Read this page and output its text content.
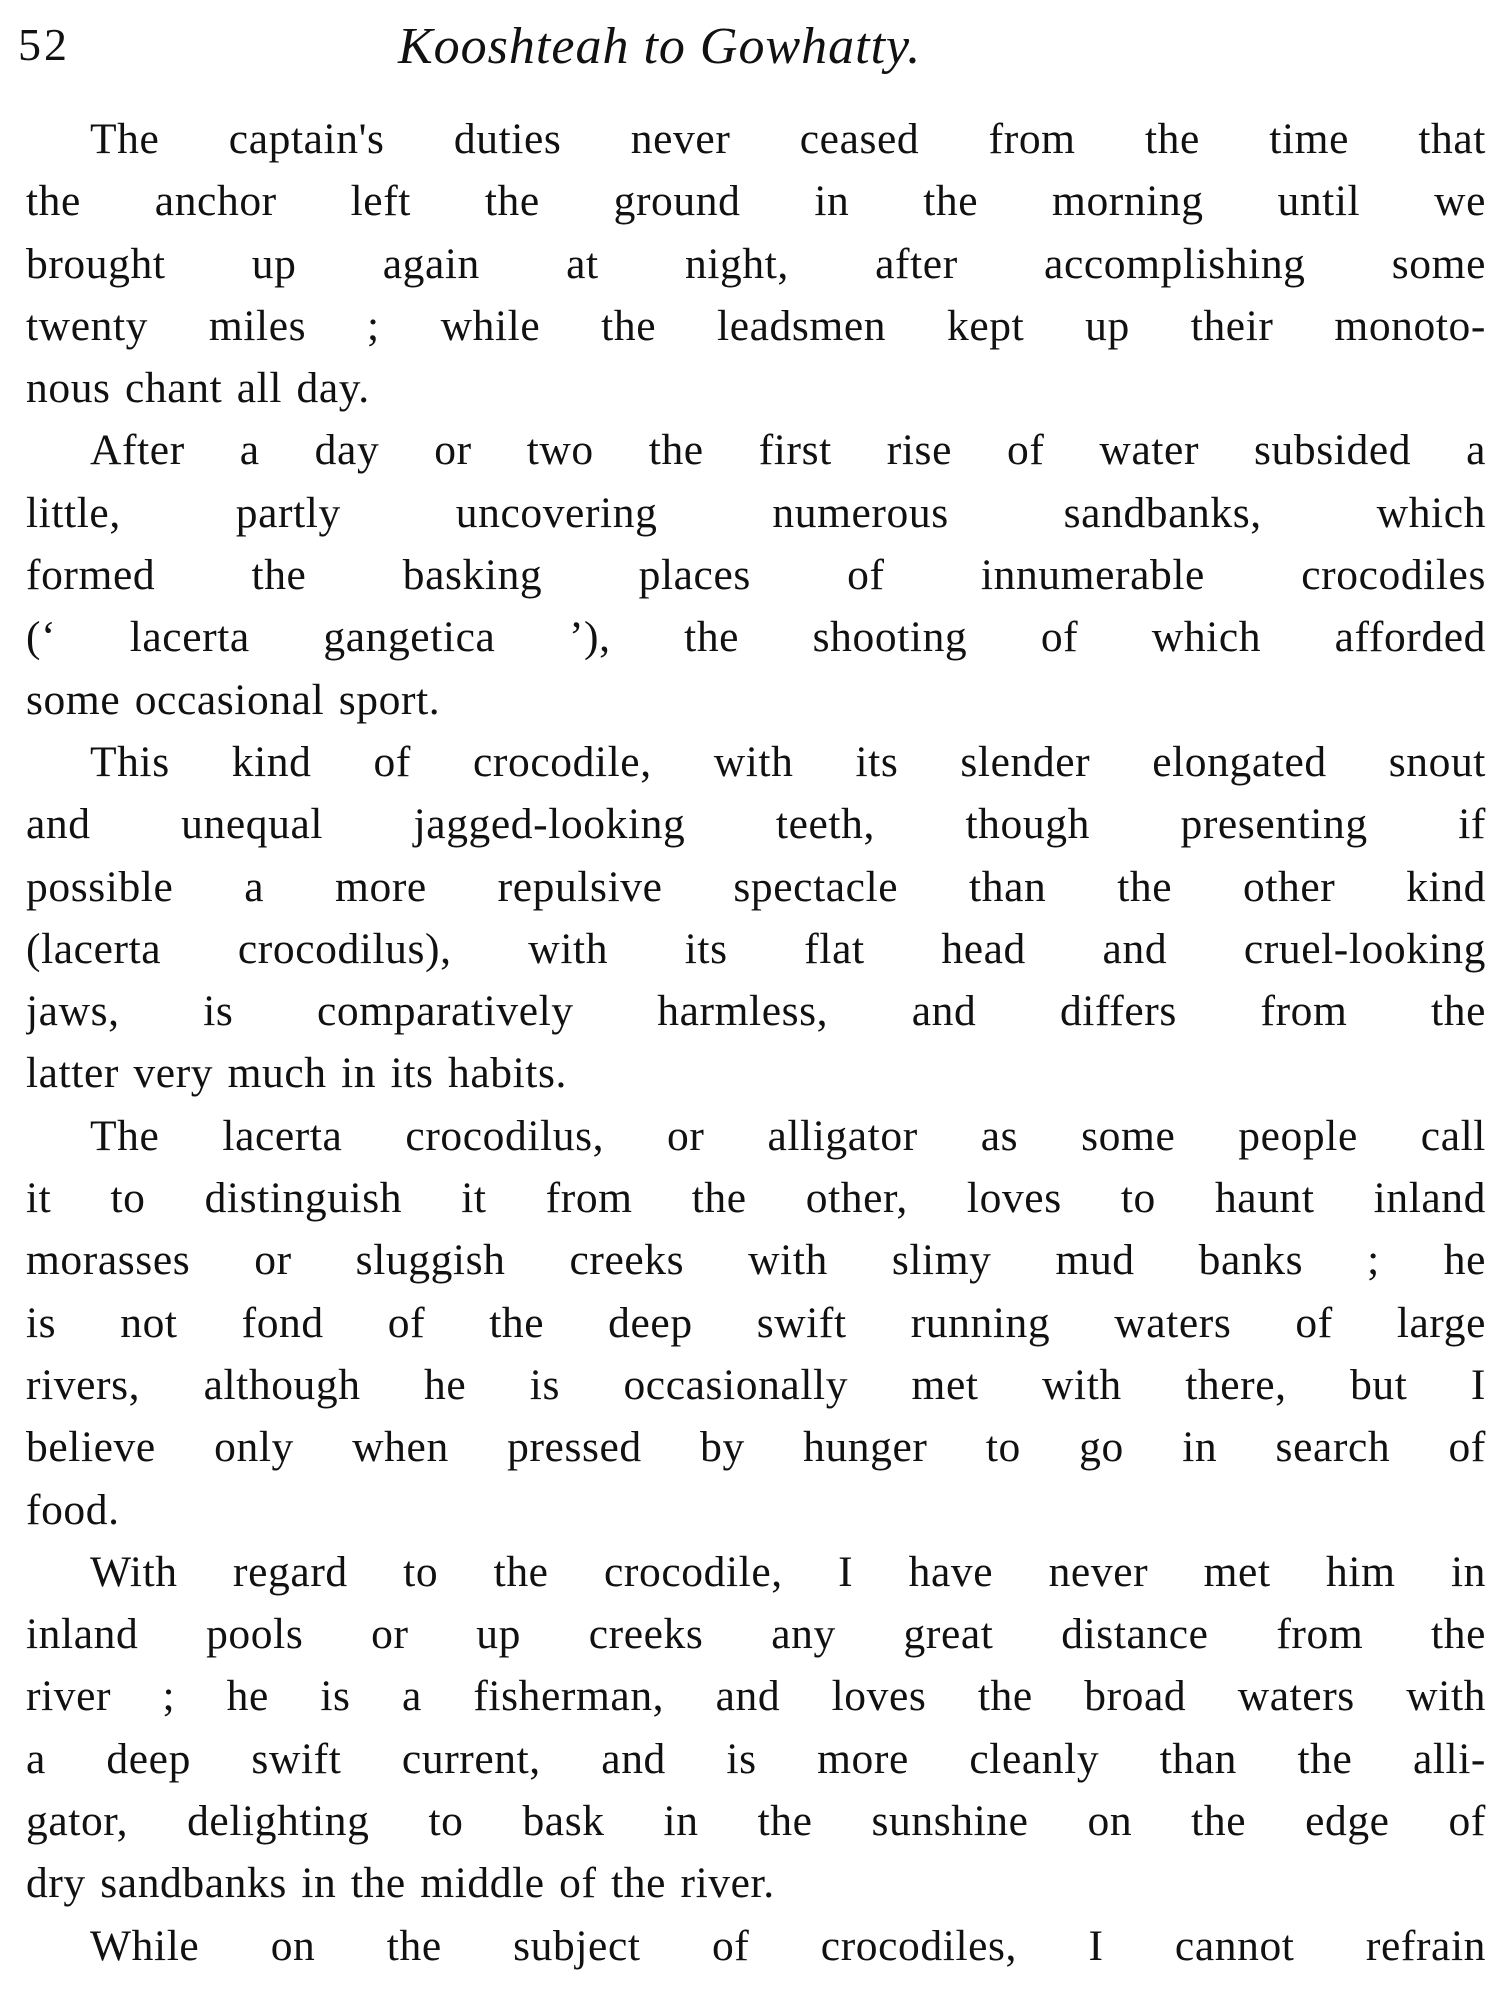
52	Kooshteah to Gowhatty.

The captain's duties never ceased from the time that
the anchor left the ground in the morning until we
brought up again at night, after accomplishing some
twenty miles ; while the leadsmen kept up their monoto-
nous chant all day.

After a day or two the first rise of water subsided a
little, partly uncovering numerous sandbanks, which
formed the basking places of innumerable crocodiles
(‘ lacerta gangetica ’), the shooting of which afforded
some occasional sport.

This kind of crocodile, with its slender elongated snout
and unequal jagged-looking teeth, though presenting if
possible a more repulsive spectacle than the other kind
(lacerta crocodilus), with its flat head and cruel-looking
jaws, is comparatively harmless, and differs from the
latter very much in its habits.

The lacerta crocodilus, or alligator as some people call
it to distinguish it from the other, loves to haunt inland
morasses or sluggish creeks with slimy mud banks ; he
is not fond of the deep swift running waters of large
rivers, although he is occasionally met with there, but I
believe only when pressed by hunger to go in search of
food.

With regard to the crocodile, I have never met him in
inland pools or up creeks any great distance from the
river ; he is a fisherman, and loves the broad waters with
a deep swift current, and is more cleanly than the alli-
gator, delighting to bask in the sunshine on the edge of
dry sandbanks in the middle of the river.

While on the subject of crocodiles, I cannot refrain
